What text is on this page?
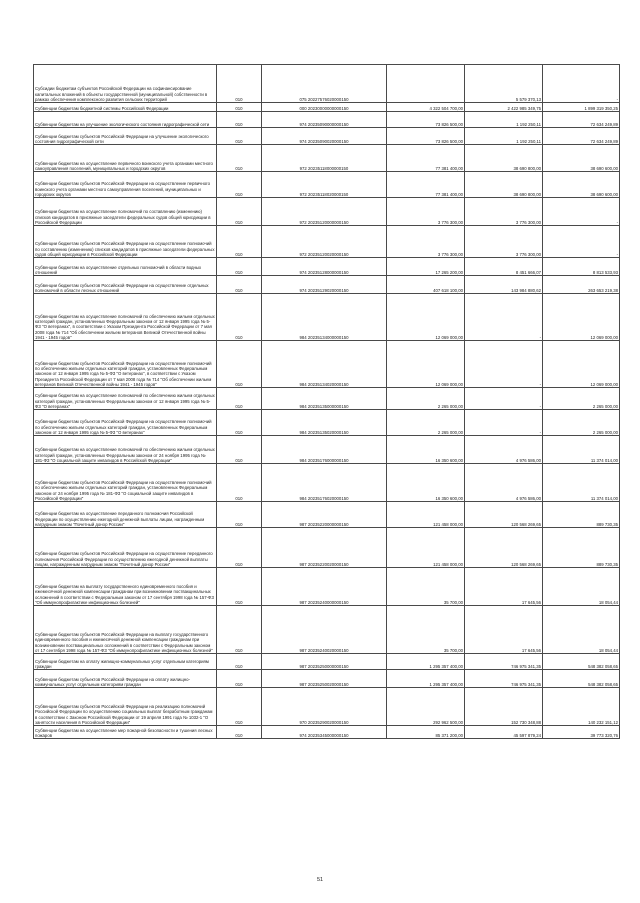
Субсидии бюджетам субъектов Российской Федерации на софинансирование капитальных вложений в объекты государственной (муниципальной) собственности в рамках обеспечения комплексного развития сельских территорий	010	075 20227576020000150		5 579 370,13	-
Субвенции бюджетам бюджетной системы Российской Федерации	010	000 20230000000000150	4 322 504 700,00	2 422 985 349,75	1 899 319 350,25
Субвенции бюджетам на улучшение экологического состояния гидрографической сети	010	974 20235090000000150	73 826 500,00	1 192 250,11	72 634 249,89
Субвенции бюджетам субъектов Российской Федерации на улучшение экологического состояния гидрографической сети	010	974 20235090020000150	73 826 500,00	1 192 250,11	72 634 249,89
Субвенции бюджетам на осуществление первичного воинского учета органами местного самоуправления поселений, муниципальных и городских округов	010	972 20235118000000150	77 381 400,00	38 690 800,00	38 690 600,00
Субвенции бюджетам субъектов Российской Федерации на осуществление первичного воинского учета органами местного самоуправления поселений, муниципальных и городских округов	010	972 20235118020000150	77 381 400,00	38 690 800,00	38 690 600,00
Субвенции бюджетам на осуществление полномочий по составлению (изменению) списков кандидатов в присяжные заседатели федеральных судов общей юрисдикции в Российской Федерации	010	972 20235120000000150	3 776 300,00	3 776 300,00	-
Субвенции бюджетам субъектов Российской Федерации на осуществление полномочий по составлению (изменению) списков кандидатов в присяжные заседатели федеральных судов общей юрисдикции в Российской Федерации	010	972 20235120020000150	3 776 300,00	3 776 300,00	-
Субвенции бюджетам на осуществление отдельных полномочий в области водных отношений	010	974 20235128000000150	17 265 200,00	8 451 666,07	8 813 533,93
Субвенции бюджетам субъектов Российской Федерации на осуществление отдельных полномочий в области лесных отношений	010	974 20235129020000150	407 618 100,00	143 984 880,62	263 653 219,38
Субвенции бюджетам на осуществление полномочий по обеспечению жильем отдельных категорий граждан, установленных Федеральным законом от 12 января 1995 года № 5-ФЗ "О ветеранах", в соответствии с Указом Президента Российской Федерации от 7 мая 2008 года № 714 "Об обеспечении жильем ветеранов Великой Отечественной войны 1941 - 1945 годов"	010	984 20235134000000150	12 069 000,00	-	12 069 000,00
Субвенции бюджетам субъектов Российской Федерации на осуществление полномочий по обеспечению жильем отдельных категорий граждан, установленных Федеральным законом от 12 января 1995 года № 5-ФЗ "О ветеранах", в соответствии с Указом Президента Российской Федерации от 7 мая 2008 года № 714 "Об обеспечении жильем ветеранов Великой Отечественной войны 1941 - 1945 годов"	010	984 20235134020000150	12 069 000,00	-	12 069 000,00
Субвенции бюджетам на осуществление полномочий по обеспечению жильем отдельных категорий граждан, установленных Федеральным законом от 12 января 1995 года № 5-ФЗ "О ветеранах"	010	984 20235135000000150	2 265 000,00	-	2 265 000,00
Субвенции бюджетам субъектов Российской Федерации на осуществление полномочий по обеспечению жильем отдельных категорий граждан, установленных Федеральным законом от 12 января 1995 года № 5-ФЗ "О ветеранах"	010	984 20235135020000150	2 265 000,00	-	2 265 000,00
Субвенции бюджетам на осуществление полномочий по обеспечению жильем отдельных категорий граждан, установленных Федеральным законом от 24 ноября 1995 года № 181-ФЗ "О социальной защите инвалидов в Российской Федерации"	010	984 20235176000000150	16 350 600,00	4 976 586,00	11 374 014,00
Субвенции бюджетам субъектов Российской Федерации на осуществление полномочий по обеспечению жильем отдельных категорий граждан, установленных Федеральным законом от 24 ноября 1995 года № 181-ФЗ "О социальной защите инвалидов в Российской Федерации"	010	984 20235176020000150	16 350 600,00	4 976 586,00	11 374 014,00
Субвенции бюджетам на осуществление переданного полномочия Российской Федерации по осуществлению ежегодной денежной выплаты лицам, награжденным нагрудным знаком "Почетный донор России"	010	987 20235220000000150	121 458 000,00	120 568 269,65	889 730,35
Субвенции бюджетам субъектов Российской Федерации на осуществление переданного полномочия Российской Федерации по осуществлению ежегодной денежной выплаты лицам, награжденным нагрудным знаком "Почетный донор России"	010	987 20235220020000150	121 458 000,00	120 568 269,65	889 730,35
Субвенции бюджетам на выплату государственного единовременного пособия и ежемесячной денежной компенсации гражданам при возникновении поствакцинальных осложнений в соответствии с Федеральным законом от 17 сентября 1998 года № 157-ФЗ "Об иммунопрофилактике инфекционных болезней"	010	987 20235240000000150	35 700,00	17 645,56	18 054,44
Субвенции бюджетам субъектов Российской Федерации на выплату государственного единовременного пособия и ежемесячной денежной компенсации гражданам при возникновении поствакцинальных осложнений в соответствии с Федеральным законом от 17 сентября 1998 года № 157-ФЗ "Об иммунопрофилактике инфекционных болезней"	010	987 20235240020000150	35 700,00	17 645,56	18 054,44
Субвенции бюджетам на оплату жилищно-коммунальных услуг отдельным категориям граждан	010	987 20235250000000150	1 295 357 400,00	746 975 341,35	548 382 058,65
Субвенции бюджетам субъектов Российской Федерации на оплату жилищно-коммунальных услуг отдельным категориям граждан	010	987 20235250020000150	1 295 357 400,00	746 975 341,35	548 382 058,65
Субвенции бюджетам субъектов Российской Федерации на реализацию полномочий Российской Федерации по осуществлению социальных выплат безработным гражданам в соответствии с Законом Российской Федерации от 19 апреля 1991 года № 1032-1 "О занятости населения в Российской Федерации"	010	970 20235290020000150	292 962 500,00	152 730 348,88	140 232 151,12
Субвенции бюджетам на осуществление мер пожарной безопасности и тушения лесных пожаров	010	974 20235345000000150	85 371 200,00	45 597 879,24	39 773 320,76
51
